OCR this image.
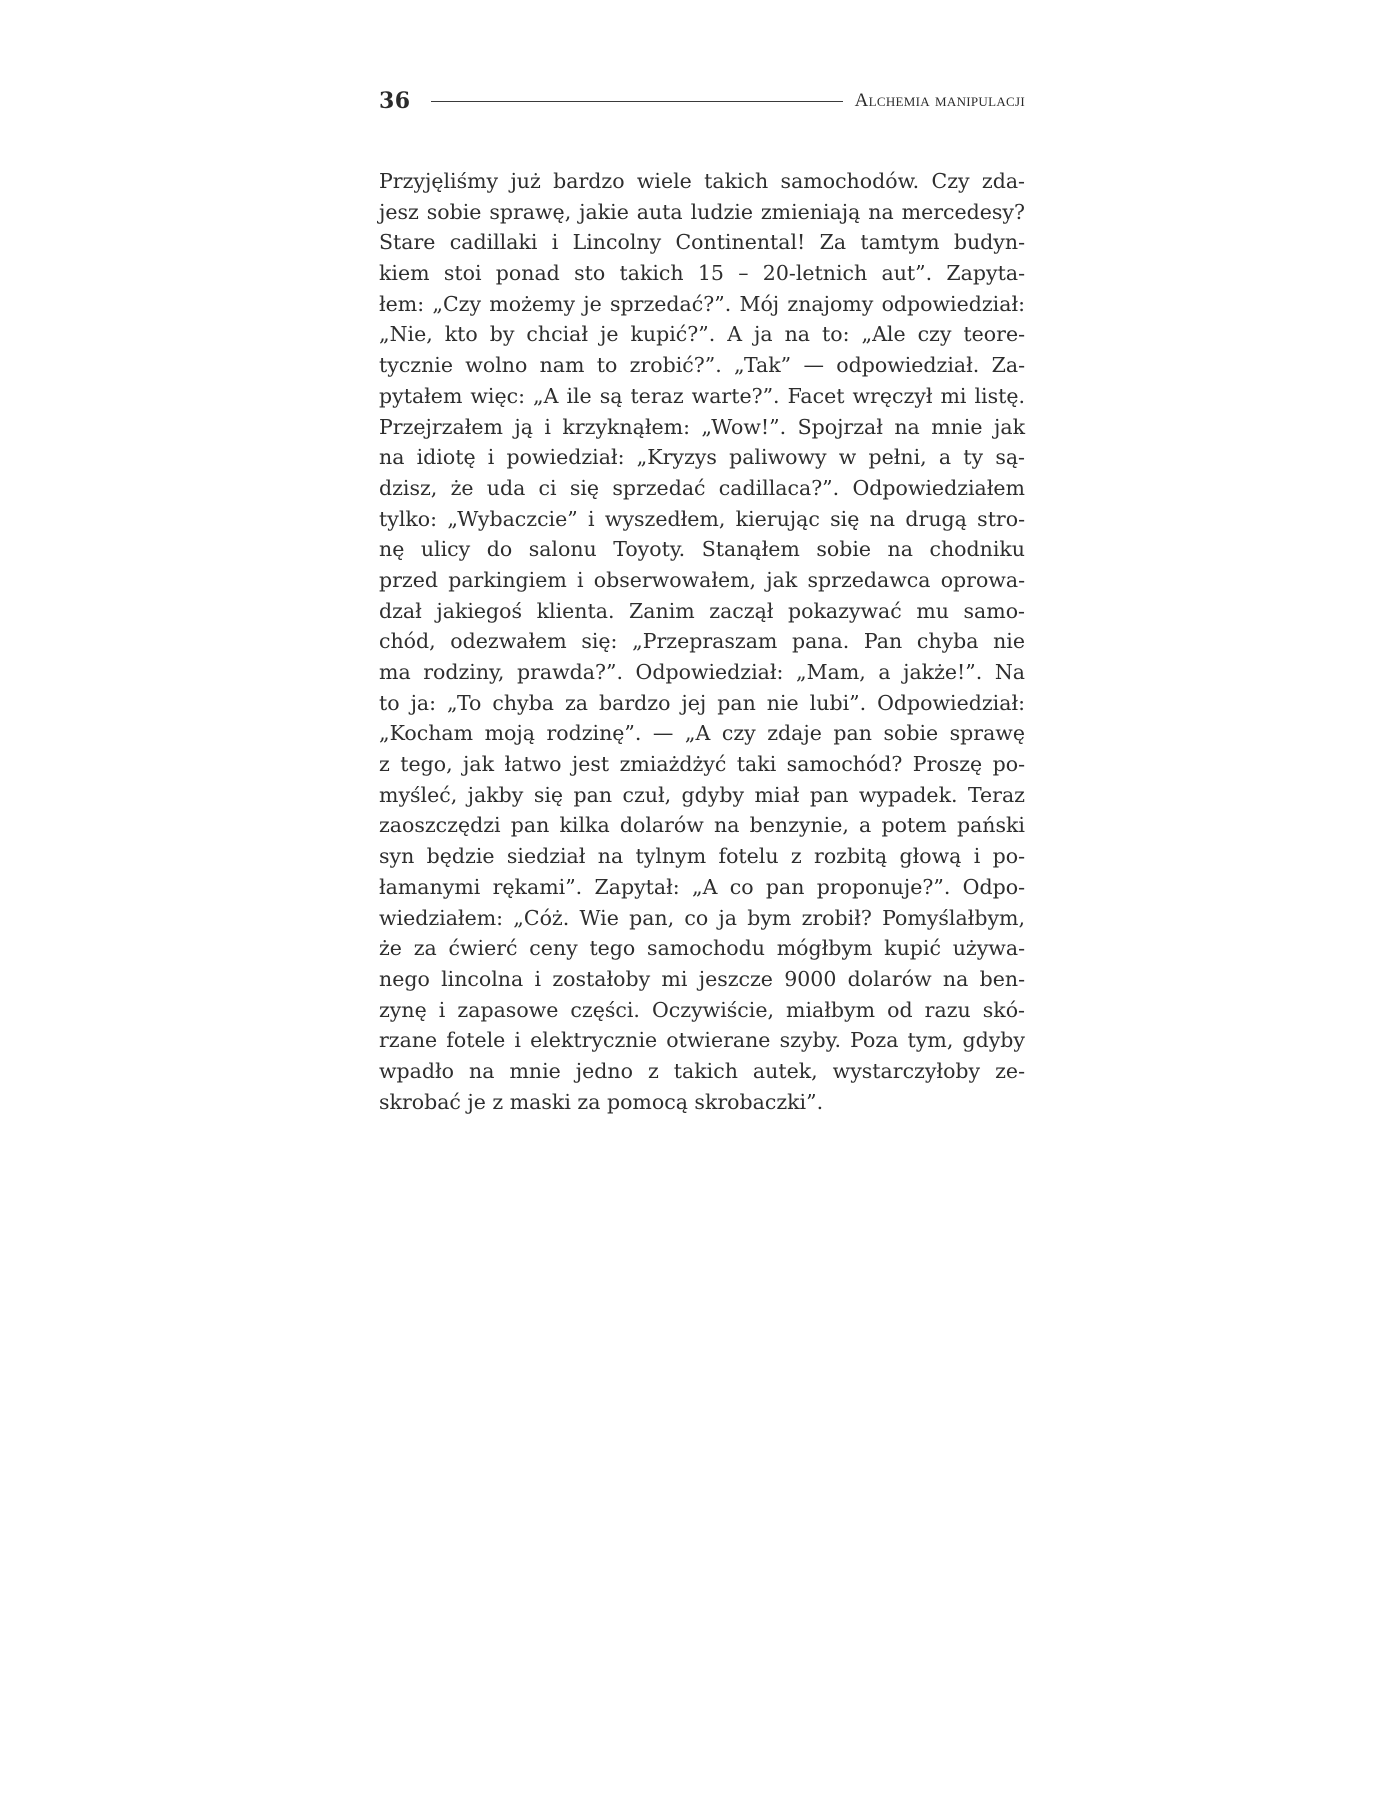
36	Alchemia manipulacji
Przyjęliśmy już bardzo wiele takich samochodów. Czy zda-
jesz sobie sprawę, jakie auta ludzie zmieniają na mercedesy?
Stare cadillaki i Lincolny Continental! Za tamtym budyn-
kiem stoi ponad sto takich 15 – 20-letnich aut”. Zapyta-
łem: „Czy możemy je sprzedać?”. Mój znajomy odpowiedział:
„Nie, kto by chciał je kupić?”. A ja na to: „Ale czy teore-
tycznie wolno nam to zrobić?”. „Tak” — odpowiedział. Za-
pytałem więc: „A ile są teraz warte?”. Facet wręczył mi listę.
Przejrzałem ją i krzyknąłem: „Wow!”. Spojrzał na mnie jak
na idiotę i powiedział: „Kryzys paliwowy w pełni, a ty są-
dzisz, że uda ci się sprzedać cadillaca?”. Odpowiedziałem
tylko: „Wybaczcie” i wyszedłem, kierując się na drugą stro-
nę ulicy do salonu Toyoty. Stanąłem sobie na chodniku
przed parkingiem i obserwowałem, jak sprzedawca oprowa-
dzał jakiegoś klienta. Zanim zaczął pokazywać mu samo-
chód, odezwałem się: „Przepraszam pana. Pan chyba nie
ma rodziny, prawda?”. Odpowiedział: „Mam, a jakże!”. Na
to ja: „To chyba za bardzo jej pan nie lubi”. Odpowiedział:
„Kocham moją rodzinę”. — „A czy zdaje pan sobie sprawę
z tego, jak łatwo jest zmiażdżyć taki samochód? Proszę po-
myśleć, jakby się pan czuł, gdyby miał pan wypadek. Teraz
zaoszczędzi pan kilka dolarów na benzynie, a potem pański
syn będzie siedział na tylnym fotelu z rozbitą głową i po-
łamanymi rękami”. Zapytał: „A co pan proponuje?”. Odpo-
wiedziałem: „Cóż. Wie pan, co ja bym zrobił? Pomyślałbym,
że za ćwierć ceny tego samochodu mógłbym kupić używa-
nego lincolna i zostałoby mi jeszcze 9000 dolarów na ben-
zynę i zapasowe części. Oczywiście, miałbym od razu skó-
rzane fotele i elektrycznie otwierane szyby. Poza tym, gdyby
wpadło na mnie jedno z takich autek, wystarczyłoby ze-
skrobać je z maski za pomocą skrobaczki”.
